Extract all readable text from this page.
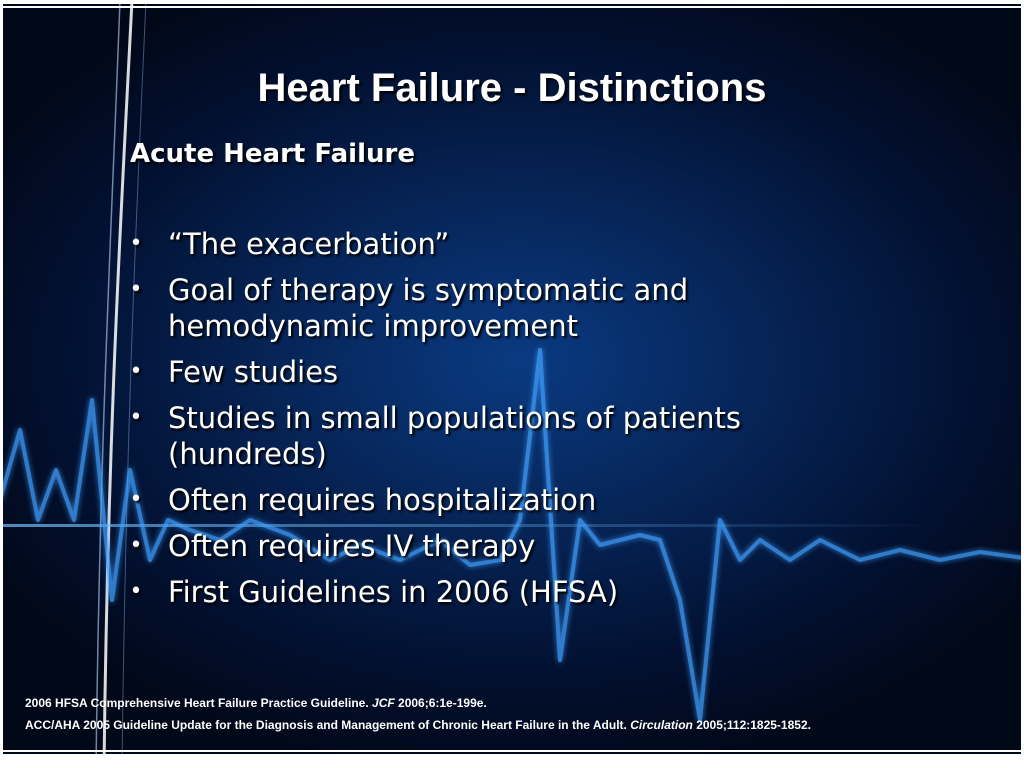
Heart Failure - Distinctions
Acute Heart Failure
• “The exacerbation”
• Goal of therapy is symptomatic and hemodynamic improvement
• Few studies
• Studies in small populations of patients (hundreds)
• Often requires hospitalization
• Often requires IV therapy
• First Guidelines in 2006 (HFSA)
2006 HFSA Comprehensive Heart Failure Practice Guideline. JCF 2006;6:1e-199e.
ACC/AHA 2005 Guideline Update for the Diagnosis and Management of Chronic Heart Failure in the Adult. Circulation 2005;112:1825-1852.
